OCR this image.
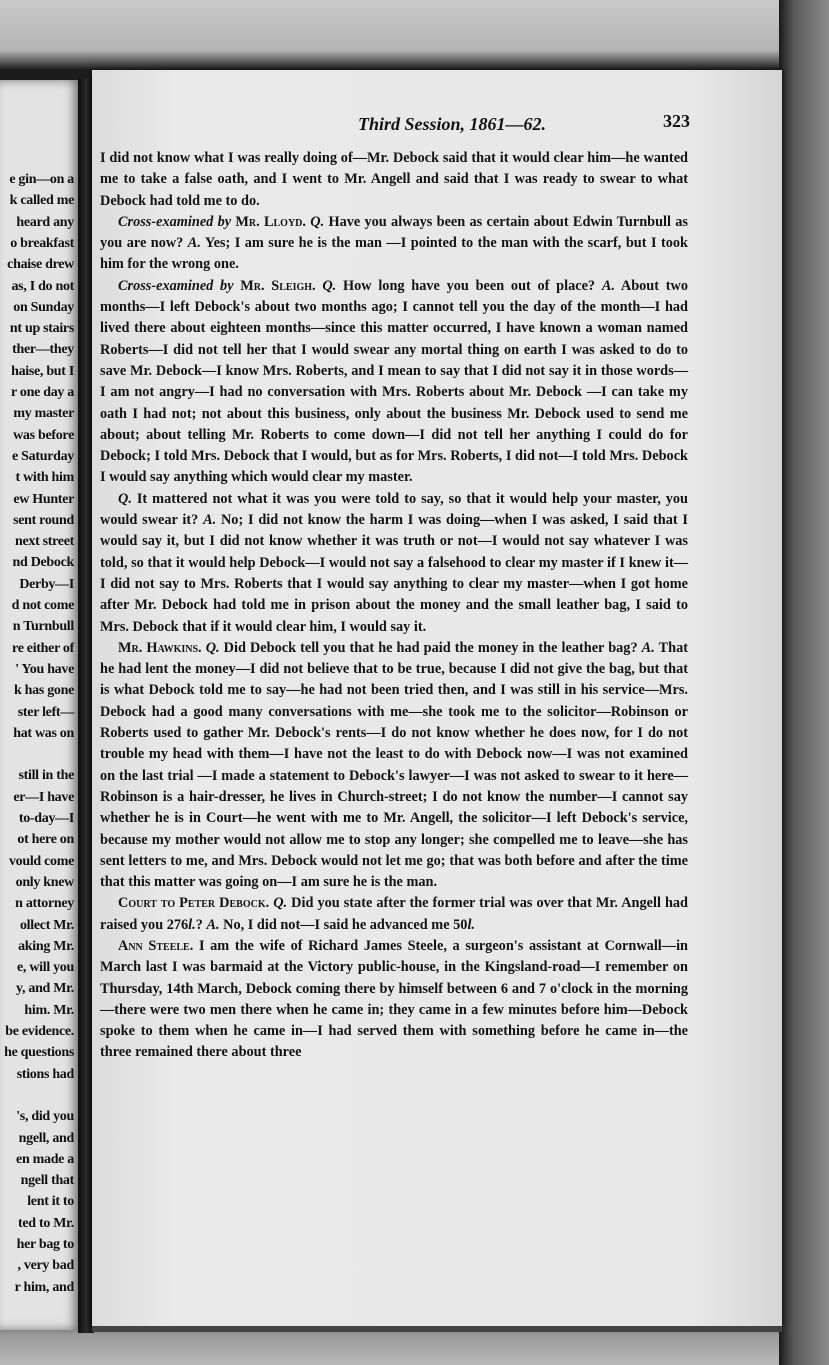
e gin—on a
k called me
heard any
o breakfast
chaise drew
as, I do not
on Sunday
nt up stairs
ther—they
haise, but I
r one day a
my master
was before
e Saturday
t with him
ew Hunter
sent round
next street
nd Debock
Derby—I
d not come
n Turnbull
re either of
' You have
k has gone
ster left—
hat was on
still in the
er—I have
to-day—I
ot here on
vould come
only knew
n attorney
ollect Mr.
aking Mr.
e, will you
y, and Mr.
him. Mr.
be evidence.
he questions
stions had
's, did you
ngell, and
en made a
ngell that
lent it to
ted to Mr.
her bag to
, very bad
r him, and
Third Session, 1861—62.	323

I did not know what I was really doing of—Mr. Debock said that it would clear him—he wanted me to take a false oath, and I went to Mr. Angell and said that I was ready to swear to what Debock had told me to do.

Cross-examined by Mr. Lloyd. Q. Have you always been as certain about Edwin Turnbull as you are now? A. Yes; I am sure he is the man —I pointed to the man with the scarf, but I took him for the wrong one.

Cross-examined by Mr. Sleigh. Q. How long have you been out of place? A. About two months—I left Debock's about two months ago; I cannot tell you the day of the month—I had lived there about eighteen months—since this matter occurred, I have known a woman named Roberts—I did not tell her that I would swear any mortal thing on earth I was asked to do to save Mr. Debock—I know Mrs. Roberts, and I mean to say that I did not say it in those words—I am not angry—I had no conversation with Mrs. Roberts about Mr. Debock —I can take my oath I had not; not about this business, only about the business Mr. Debock used to send me about; about telling Mr. Roberts to come down—I did not tell her anything I could do for Debock; I told Mrs. Debock that I would, but as for Mrs. Roberts, I did not—I told Mrs. Debock I would say anything which would clear my master.

Q. It mattered not what it was you were told to say, so that it would help your master, you would swear it? A. No; I did not know the harm I was doing—when I was asked, I said that I would say it, but I did not know whether it was truth or not—I would not say whatever I was told, so that it would help Debock—I would not say a falsehood to clear my master if I knew it—I did not say to Mrs. Roberts that I would say anything to clear my master—when I got home after Mr. Debock had told me in prison about the money and the small leather bag, I said to Mrs. Debock that if it would clear him, I would say it.

Mr. Hawkins. Q. Did Debock tell you that he had paid the money in the leather bag? A. That he had lent the money—I did not believe that to be true, because I did not give the bag, but that is what Debock told me to say—he had not been tried then, and I was still in his service—Mrs. Debock had a good many conversations with me—she took me to the solicitor—Robinson or Roberts used to gather Mr. Debock's rents—I do not know whether he does now, for I do not trouble my head with them—I have not the least to do with Debock now—I was not examined on the last trial —I made a statement to Debock's lawyer—I was not asked to swear to it here—Robinson is a hair-dresser, he lives in Church-street; I do not know the number—I cannot say whether he is in Court—he went with me to Mr. Angell, the solicitor—I left Debock's service, because my mother would not allow me to stop any longer; she compelled me to leave—she has sent letters to me, and Mrs. Debock would not let me go; that was both before and after the time that this matter was going on—I am sure he is the man.

Court to Peter Debock. Q. Did you state after the former trial was over that Mr. Angell had raised you 276l.? A. No, I did not—I said he advanced me 50l.

Ann Steele. I am the wife of Richard James Steele, a surgeon's assistant at Cornwall—in March last I was barmaid at the Victory public-house, in the Kingsland-road—I remember on Thursday, 14th March, Debock coming there by himself between 6 and 7 o'clock in the morning—there were two men there when he came in; they came in a few minutes before him—Debock spoke to them when he came in—I had served them with something before he came in—the three remained there about three
